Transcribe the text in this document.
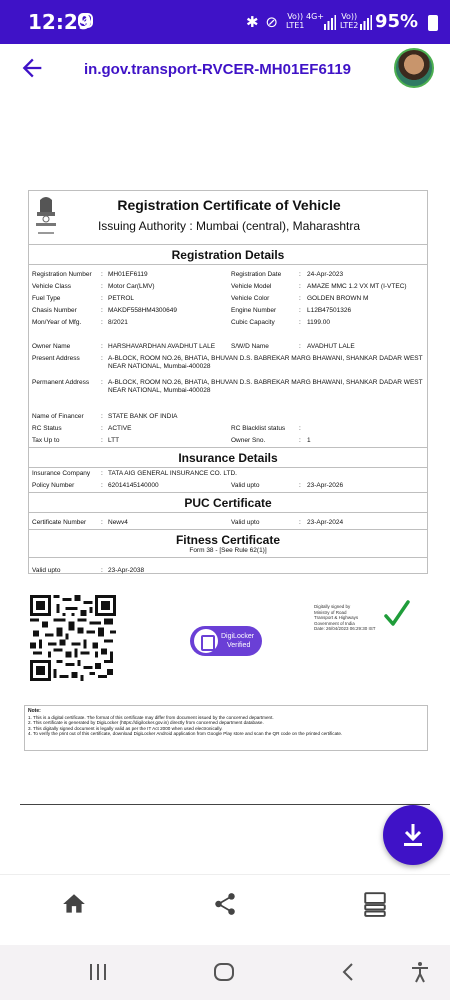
12:29	✱ ⊘ Vo))
LTE1
4G+ Vo))
LTE2 95%
in.gov.transport-RVCER-MH01EF6119
Registration Certificate of Vehicle
Issuing Authority : Mumbai (central), Maharashtra
Registration Details
Registration Number : MH01EF6119	Registration Date	: 24-Apr-2023
Vehicle Class	: Motor Car(LMV)	Vehicle Model	: AMAZE MMC 1.2 VX MT (I-VTEC)
Fuel Type	: PETROL	Vehicle Color	: GOLDEN BROWN M
Chasis Number	: MAKDF558HM4300649	Engine Number	: L12B47501326
Mon/Year of Mfg.	: 8/2021	Cubic Capacity	: 1199.00
Owner Name	: HARSHAVARDHAN AVADHUT LALE S/W/D Name	: AVADHUT LALE
Present Address	: A-BLOCK, ROOM NO.26, BHATIA, BHUVAN D.S. BABREKAR MARG BHAWANI, SHANKAR DADAR WEST NEAR NATIONAL, Mumbai-400028
Permanent Address : A-BLOCK, ROOM NO.26, BHATIA, BHUVAN D.S. BABREKAR MARG BHAWANI, SHANKAR DADAR WEST NEAR NATIONAL, Mumbai-400028
Name of Financer	: STATE BANK OF INDIA
RC Status	: ACTIVE	RC Blacklist status :
Tax Up to	: LTT	Owner Sno.	: 1
Insurance Details
Insurance Company : TATA AIG GENERAL INSURANCE CO. LTD.
Policy Number	: 62014145140000	Valid upto	: 23-Apr-2026
PUC Certificate
Certificate Number : Newv4	Valid upto	: 23-Apr-2024
Fitness Certificate
Form 38 - [See Rule 62(1)]
Valid upto	: 23-Apr-2038
DigiLocker
Verified
Digitally signed by
Ministry of Road
Transport & Highways
Government of India
Date: 26/04/2023 06:29:30 IST
Note:
1. This is a digital certificate. The format of this certificate may differ from document issued by the concerned department.
2. This certificate is generated by DigiLocker (https://digilocker.gov.in) directly from concerned department database.
3. This digitally signed document is legally valid as per the IT Act 2000 when used electronically.
4. To verify the print out of this certificate, download DigiLocker Android application from Google Play store and scan the QR code on the printed certificate.
